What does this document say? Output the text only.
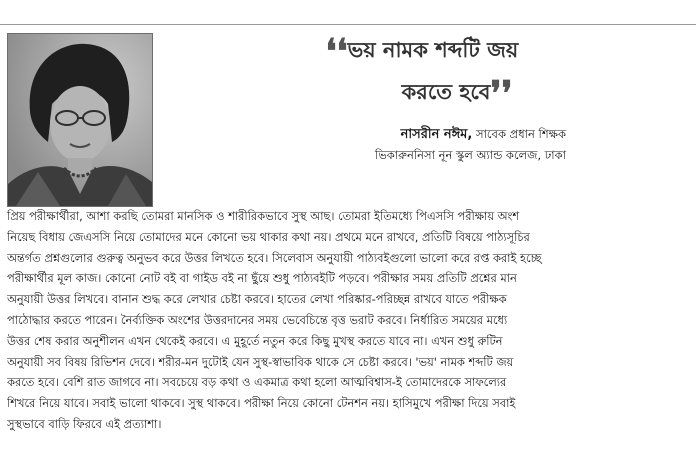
❛❛ভয় নামক শব্দটি জয়
করতে হবে❜❜
নাসরীন নঈম, সাবেক প্রধান শিক্ষক
ভিকারুননিসা নূন স্কুল অ্যান্ড কলেজ, ঢাকা
প্রিয় পরীক্ষার্থীরা, আশা করছি তোমরা মানসিক ও শারীরিকভাবে সুস্থ আছ। তোমরা ইতিমধ্যে পিএসসি পরীক্ষায় অংশ
নিয়েছ বিধায় জেএসসি নিয়ে তোমাদের মনে কোনো ভয় থাকার কথা নয়। প্রথমে মনে রাখবে, প্রতিটি বিষয়ে পাঠ্যসূচির
অন্তর্গত প্রশ্নগুলোর গুরুত্ব অনুভব করে উত্তর লিখতে হবে। সিলেবাস অনুযায়ী পাঠ্যবইগুলো ভালো করে রপ্ত করাই হচ্ছে
পরীক্ষার্থীর মূল কাজ। কোনো নোট বই বা গাইড বই না ছুঁয়ে শুধু পাঠ্যবইটি পড়বে। পরীক্ষার সময় প্রতিটি প্রশ্নের মান
অনুযায়ী উত্তর লিখবে। বানান শুদ্ধ করে লেখার চেষ্টা করবে। হাতের লেখা পরিষ্কার-পরিচ্ছন্ন রাখবে যাতে পরীক্ষক
পাঠোদ্ধার করতে পারেন। নৈর্ব্যক্তিক অংশের উত্তরদানের সময় ভেবেচিন্তে বৃত্ত ভরাট করবে। নির্ধারিত সময়ের মধ্যে
উত্তর শেষ করার অনুশীলন এখন থেকেই করবে। এ মুহূর্তে নতুন করে কিছু মুখস্থ করতে যাবে না। এখন শুধু রুটিন
অনুযায়ী সব বিষয় রিভিশন দেবে। শরীর-মন দুটোই যেন সুস্থ-স্বাভাবিক থাকে সে চেষ্টা করবে। 'ভয়' নামক শব্দটি জয়
করতে হবে। বেশি রাত জাগবে না। সবচেয়ে বড় কথা ও একমাত্র কথা হলো আত্মবিশ্বাস-ই তোমাদেরকে সাফল্যের
শিখরে নিয়ে যাবে। সবাই ভালো থাকবে। সুস্থ থাকবে। পরীক্ষা নিয়ে কোনো টেনশন নয়। হাসিমুখে পরীক্ষা দিয়ে সবাই
সুস্থভাবে বাড়ি ফিরবে এই প্রত্যাশা।
